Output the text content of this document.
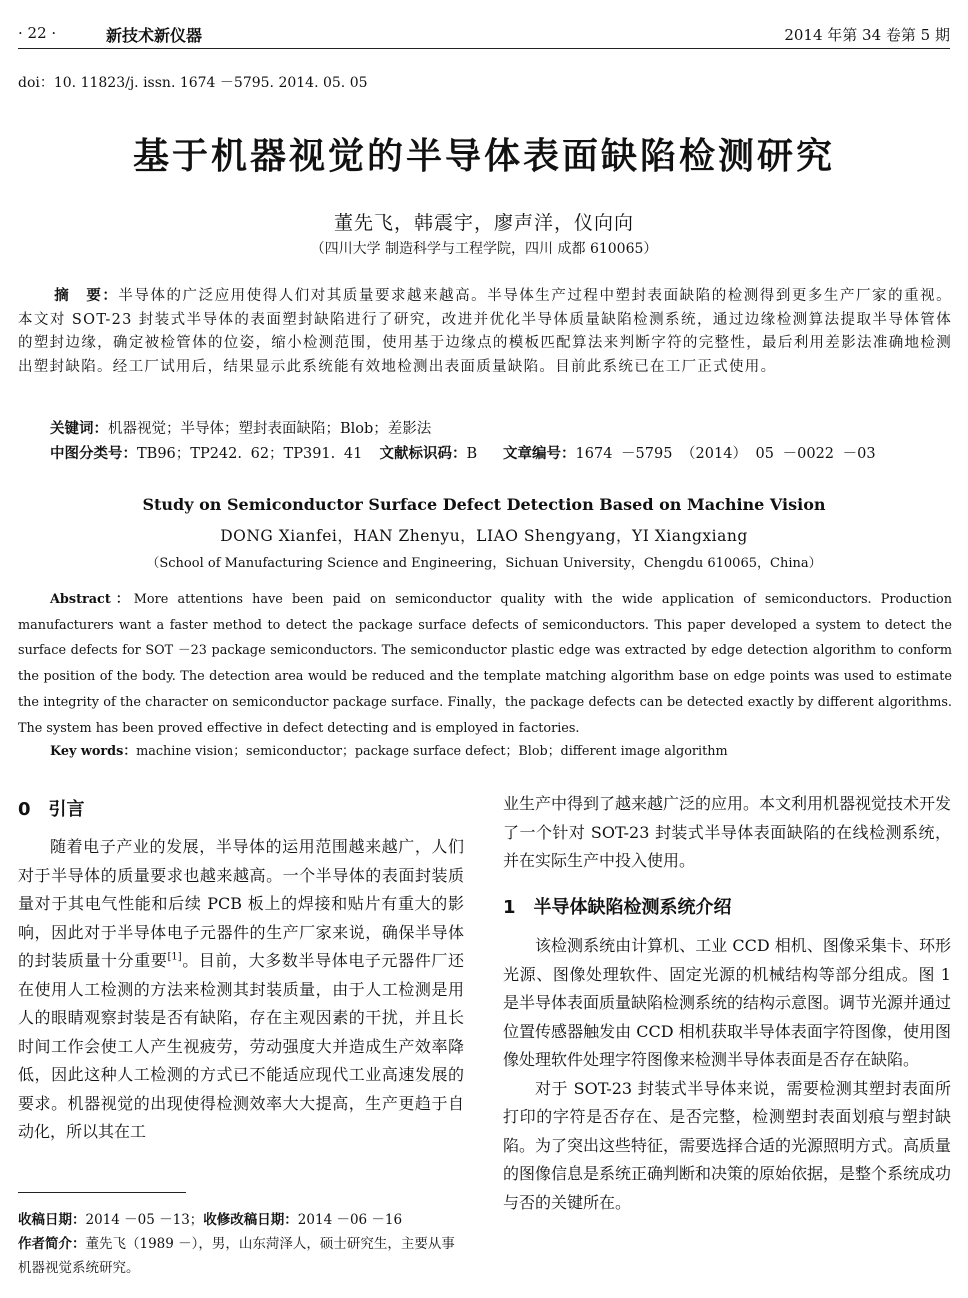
· 22 ·	新技术新仪器	2014 年第 34 卷第 5 期
doi：10. 11823/j. issn. 1674 －5795. 2014. 05. 05
基于机器视觉的半导体表面缺陷检测研究
董先飞，韩震宇，廖声洋，仪向向
（四川大学 制造科学与工程学院，四川 成都 610065）

摘　要：半导体的广泛应用使得人们对其质量要求越来越高。半导体生产过程中塑封表面缺陷的检测得到更多生产厂家的重视。本文对 SOT-23 封装式半导体的表面塑封缺陷进行了研究，改进并优化半导体质量缺陷检测系统，通过边缘检测算法提取半导体管体的塑封边缘，确定被检管体的位姿，缩小检测范围，使用基于边缘点的模板匹配算法来判断字符的完整性，最后利用差影法准确地检测出塑封缺陷。经工厂试用后，结果显示此系统能有效地检测出表面质量缺陷。目前此系统已在工厂正式使用。

关键词：机器视觉；半导体；塑封表面缺陷；Blob；差影法
中图分类号：TB96；TP242. 62；TP391. 41 文献标识码：B 文章编号：1674 －5795 （2014） 05 －0022 －03
Study on Semiconductor Surface Defect Detection Based on Machine Vision
DONG Xianfei，HAN Zhenyu，LIAO Shengyang，YI Xiangxiang
（School of Manufacturing Science and Engineering，Sichuan University，Chengdu 610065，China）

Abstract：More attentions have been paid on semiconductor quality with the wide application of semiconductors. Production manufacturers want a faster method to detect the package surface defects of semiconductors. This paper developed a system to detect the surface defects for SOT －23 package semiconductors. The semiconductor plastic edge was extracted by edge detection algorithm to conform the position of the body. The detection area would be reduced and the template matching algorithm base on edge points was used to estimate the integrity of the character on semiconductor package surface. Finally，the package defects can be detected exactly by different algorithms. The system has been proved effective in defect detecting and is employed in factories.

Key words：machine vision；semiconductor；package surface defect；Blob；different image algorithm
0　引言

随着电子产业的发展，半导体的运用范围越来越广，人们对于半导体的质量要求也越来越高。一个半导体的表面封装质量对于其电气性能和后续 PCB 板上的焊接和贴片有重大的影响，因此对于半导体电子元器件的生产厂家来说，确保半导体的封装质量十分重要[1]。目前，大多数半导体电子元器件厂还在使用人工检测的方法来检测其封装质量，由于人工检测是用人的眼睛观察封装是否有缺陷，存在主观因素的干扰，并且长时间工作会使工人产生视疲劳，劳动强度大并造成生产效率降低，因此这种人工检测的方式已不能适应现代工业高速发展的要求。机器视觉的出现使得检测效率大大提高，生产更趋于自动化，所以其在工

业生产中得到了越来越广泛的应用。本文利用机器视觉技术开发了一个针对 SOT-23 封装式半导体表面缺陷的在线检测系统，并在实际生产中投入使用。

1　半导体缺陷检测系统介绍

该检测系统由计算机、工业 CCD 相机、图像采集卡、环形光源、图像处理软件、固定光源的机械结构等部分组成。图 1 是半导体表面质量缺陷检测系统的结构示意图。调节光源并通过位置传感器触发由 CCD 相机获取半导体表面字符图像，使用图像处理软件处理字符图像来检测半导体表面是否存在缺陷。

对于 SOT-23 封装式半导体来说，需要检测其塑封表面所打印的字符是否存在、是否完整，检测塑封表面划痕与塑封缺陷。为了突出这些特征，需要选择合适的光源照明方式。高质量的图像信息是系统正确判断和决策的原始依据，是整个系统成功与否的关键所在。

收稿日期：2014 －05 －13；收修改稿日期：2014 －06 －16

作者简介：董先飞（1989 －），男，山东菏泽人，硕士研究生，主要从事机器视觉系统研究。
